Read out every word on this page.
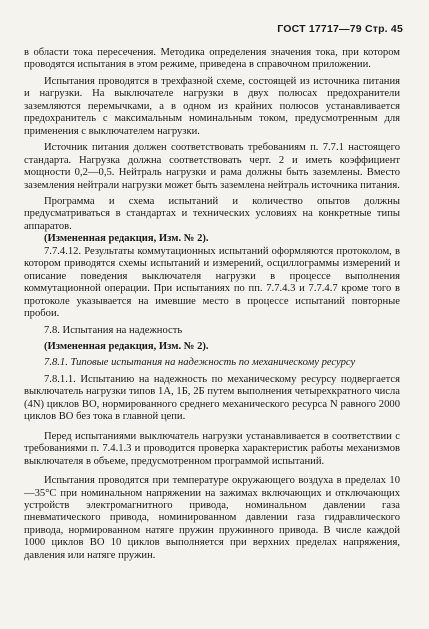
ГОСТ 17717—79 Стр. 45

в области тока пересечения. Методика определения значения тока, при котором проводятся испытания в этом режиме, приведена в справочном приложении.

Испытания проводятся в трехфазной схеме, состоящей из источника питания и нагрузки. На выключателе нагрузки в двух полюсах предохранители заземляются перемычками, а в одном из крайних полюсов устанавливается предохранитель с максимальным номинальным током, предусмотренным для применения с выключателем нагрузки.

Источник питания должен соответствовать требованиям п. 7.7.1 настоящего стандарта. Нагрузка должна соответствовать черт. 2 и иметь коэффициент мощности 0,2—0,5. Нейтраль нагрузки и рама должны быть заземлены. Вместо заземления нейтрали нагрузки может быть заземлена нейтраль источника питания.

Программа и схема испытаний и количество опытов должны предусматриваться в стандартах и технических условиях на конкретные типы аппаратов.

(Измененная редакция, Изм. № 2).

7.7.4.12. Результаты коммутационных испытаний оформляются протоколом, в котором приводятся схемы испытаний и измерений, осциллограммы измерений и описание поведения выключателя нагрузки в процессе выполнения коммутационной операции. При испытаниях по пп. 7.7.4.3 и 7.7.4.7 кроме того в протоколе указывается на имевшие место в процессе испытаний повторные пробои.

7.8. Испытания на надежность

(Измененная редакция, Изм. № 2).

7.8.1. Типовые испытания на надежность по механическому ресурсу

7.8.1.1. Испытанию на надежность по механическому ресурсу подвергается выключатель нагрузки типов 1А, 1Б, 2Б путем выполнения четырехкратного числа (4N) циклов ВО, нормированного среднего механического ресурса N равного 2000 циклов ВО без тока в главной цепи.

Перед испытаниями выключатель нагрузки устанавливается в соответствии с требованиями п. 7.4.1.3 и проводится проверка характеристик работы механизмов выключателя в объеме, предусмотренном программой испытаний.

Испытания проводятся при температуре окружающего воздуха в пределах 10—35°С при номинальном напряжении на зажимах включающих и отключающих устройств электромагнитного привода, номинальном давлении газа пневматического привода, номинированном давлении газа гидравлического привода, нормированном натяге пружин пружинного привода. В числе каждой 1000 циклов ВО 10 циклов выполняется при верхних пределах напряжения, давления или натяге пружин.
